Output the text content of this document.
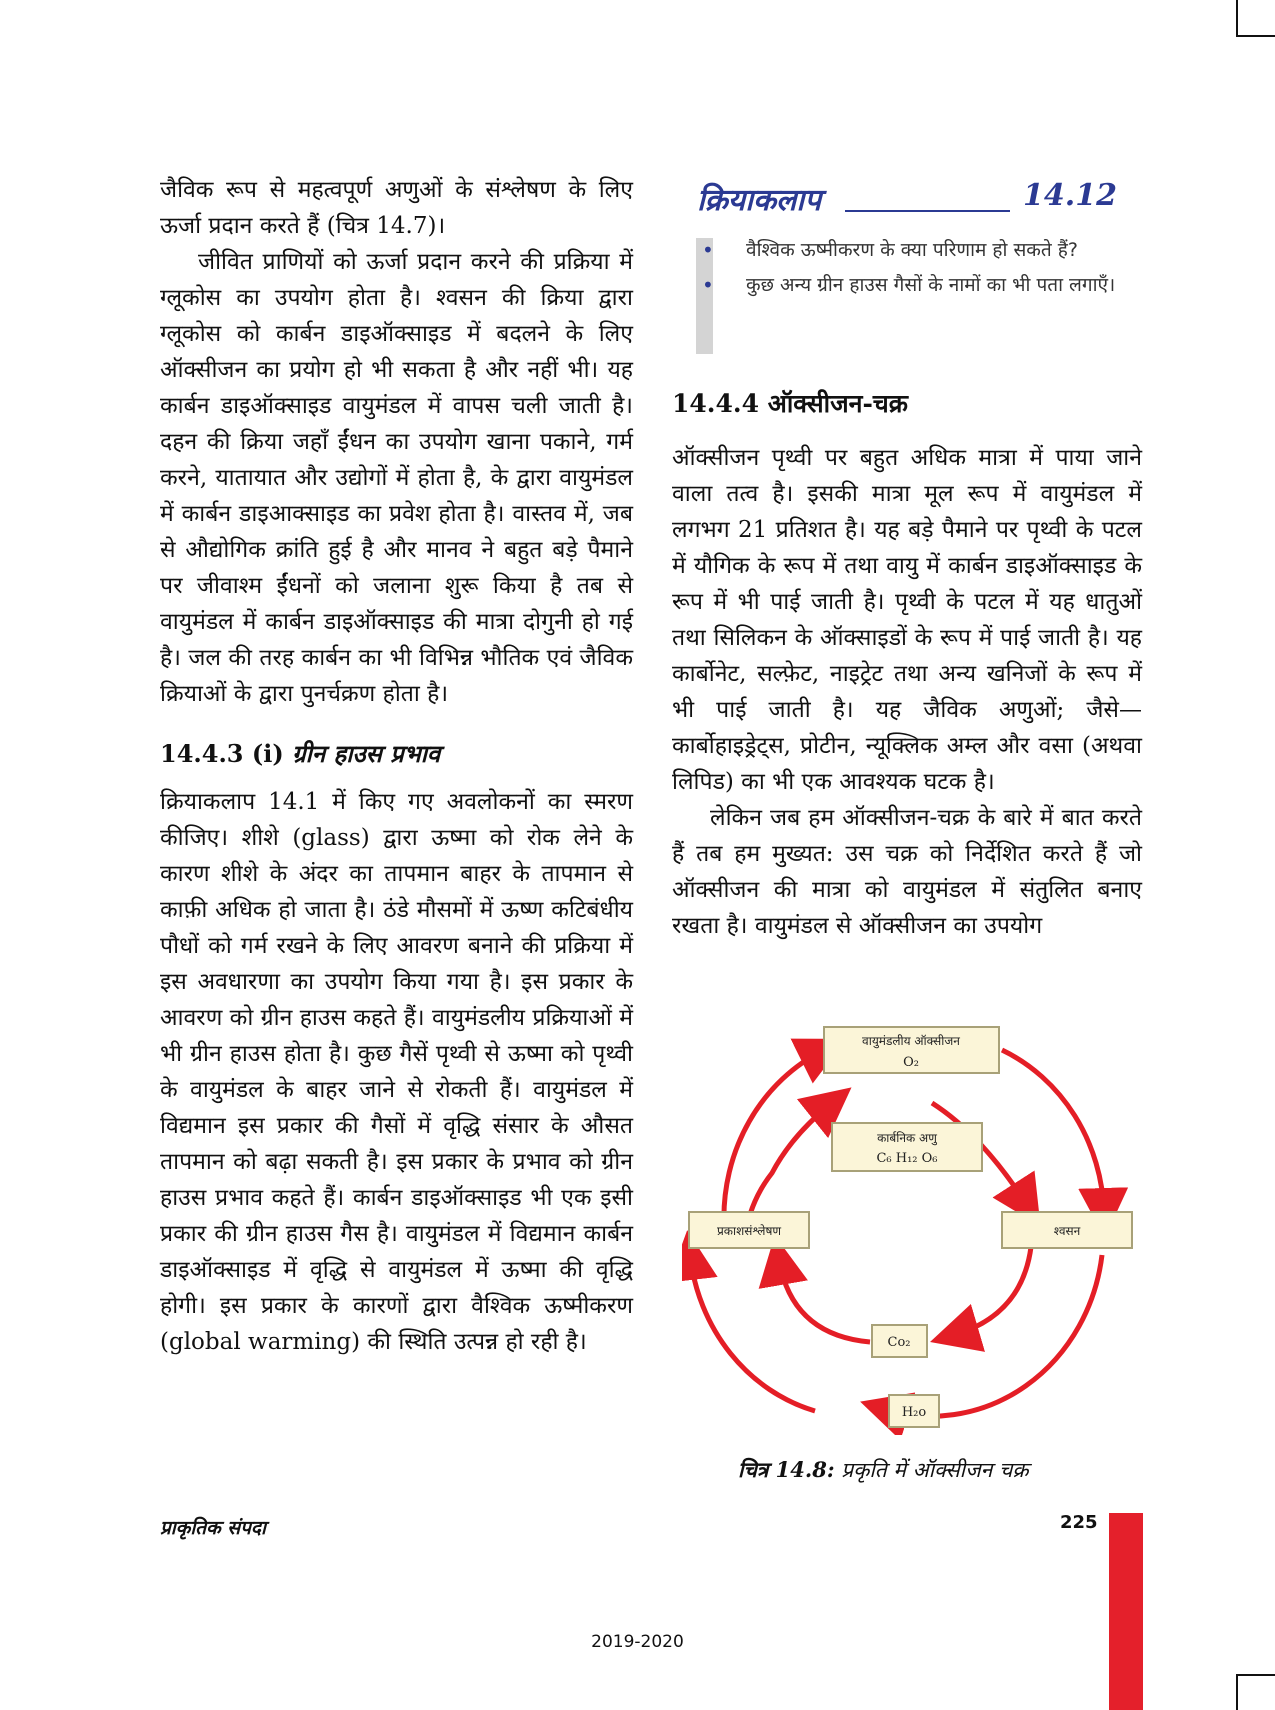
जैविक रूप से महत्वपूर्ण अणुओं के संश्लेषण के लिए ऊर्जा प्रदान करते हैं (चित्र 14.7)।

जीवित प्राणियों को ऊर्जा प्रदान करने की प्रक्रिया में ग्लूकोस का उपयोग होता है। श्वसन की क्रिया द्वारा ग्लूकोस को कार्बन डाइऑक्साइड में बदलने के लिए ऑक्सीजन का प्रयोग हो भी सकता है और नहीं भी। यह कार्बन डाइऑक्साइड वायुमंडल में वापस चली जाती है। दहन की क्रिया जहाँ ईंधन का उपयोग खाना पकाने, गर्म करने, यातायात और उद्योगों में होता है, के द्वारा वायुमंडल में कार्बन डाइआक्साइड का प्रवेश होता है। वास्तव में, जब से औद्योगिक क्रांति हुई है और मानव ने बहुत बड़े पैमाने पर जीवाश्म ईंधनों को जलाना शुरू किया है तब से वायुमंडल में कार्बन डाइऑक्साइड की मात्रा दोगुनी हो गई है। जल की तरह कार्बन का भी विभिन्न भौतिक एवं जैविक क्रियाओं के द्वारा पुनर्चक्रण होता है।

14.4.3 (i) ग्रीन हाउस प्रभाव

क्रियाकलाप 14.1 में किए गए अवलोकनों का स्मरण कीजिए। शीशे (glass) द्वारा ऊष्मा को रोक लेने के कारण शीशे के अंदर का तापमान बाहर के तापमान से काफ़ी अधिक हो जाता है। ठंडे मौसमों में ऊष्ण कटिबंधीय पौधों को गर्म रखने के लिए आवरण बनाने की प्रक्रिया में इस अवधारणा का उपयोग किया गया है। इस प्रकार के आवरण को ग्रीन हाउस कहते हैं। वायुमंडलीय प्रक्रियाओं में भी ग्रीन हाउस होता है। कुछ गैसें पृथ्वी से ऊष्मा को पृथ्वी के वायुमंडल के बाहर जाने से रोकती हैं। वायुमंडल में विद्यमान इस प्रकार की गैसों में वृद्धि संसार के औसत तापमान को बढ़ा सकती है। इस प्रकार के प्रभाव को ग्रीन हाउस प्रभाव कहते हैं। कार्बन डाइऑक्साइड भी एक इसी प्रकार की ग्रीन हाउस गैस है। वायुमंडल में विद्यमान कार्बन डाइऑक्साइड में वृद्धि से वायुमंडल में ऊष्मा की वृद्धि होगी। इस प्रकार के कारणों द्वारा वैश्विक ऊष्मीकरण (global warming) की स्थिति उत्पन्न हो रही है।

क्रियाकलाप	14.12
• वैश्विक ऊष्मीकरण के क्या परिणाम हो सकते हैं?
• कुछ अन्य ग्रीन हाउस गैसों के नामों का भी पता लगाएँ।
14.4.4 ऑक्सीजन-चक्र

ऑक्सीजन पृथ्वी पर बहुत अधिक मात्रा में पाया जाने वाला तत्व है। इसकी मात्रा मूल रूप में वायुमंडल में लगभग 21 प्रतिशत है। यह बड़े पैमाने पर पृथ्वी के पटल में यौगिक के रूप में तथा वायु में कार्बन डाइऑक्साइड के रूप में भी पाई जाती है। पृथ्वी के पटल में यह धातुओं तथा सिलिकन के ऑक्साइडों के रूप में पाई जाती है। यह कार्बोनेट, सल्फ़ेट, नाइट्रेट तथा अन्य खनिजों के रूप में भी पाई जाती है। यह जैविक अणुओं; जैसे—कार्बोहाइड्रेट्स, प्रोटीन, न्यूक्लिक अम्ल और वसा (अथवा लिपिड) का भी एक आवश्यक घटक है।

लेकिन जब हम ऑक्सीजन-चक्र के बारे में बात करते हैं तब हम मुख्यत: उस चक्र को निर्देशित करते हैं जो ऑक्सीजन की मात्रा को वायुमंडल में संतुलित बनाए रखता है। वायुमंडल से ऑक्सीजन का उपयोग

वायुमंडलीय ऑक्सीजन
O₂
कार्बनिक अणु
C₆ H₁₂ O₆
प्रकाशसंश्लेषण	श्वसन
Co₂
H₂o
चित्र 14.8: प्रकृति में ऑक्सीजन चक्र
प्राकृतिक संपदा	225
2019-2020
